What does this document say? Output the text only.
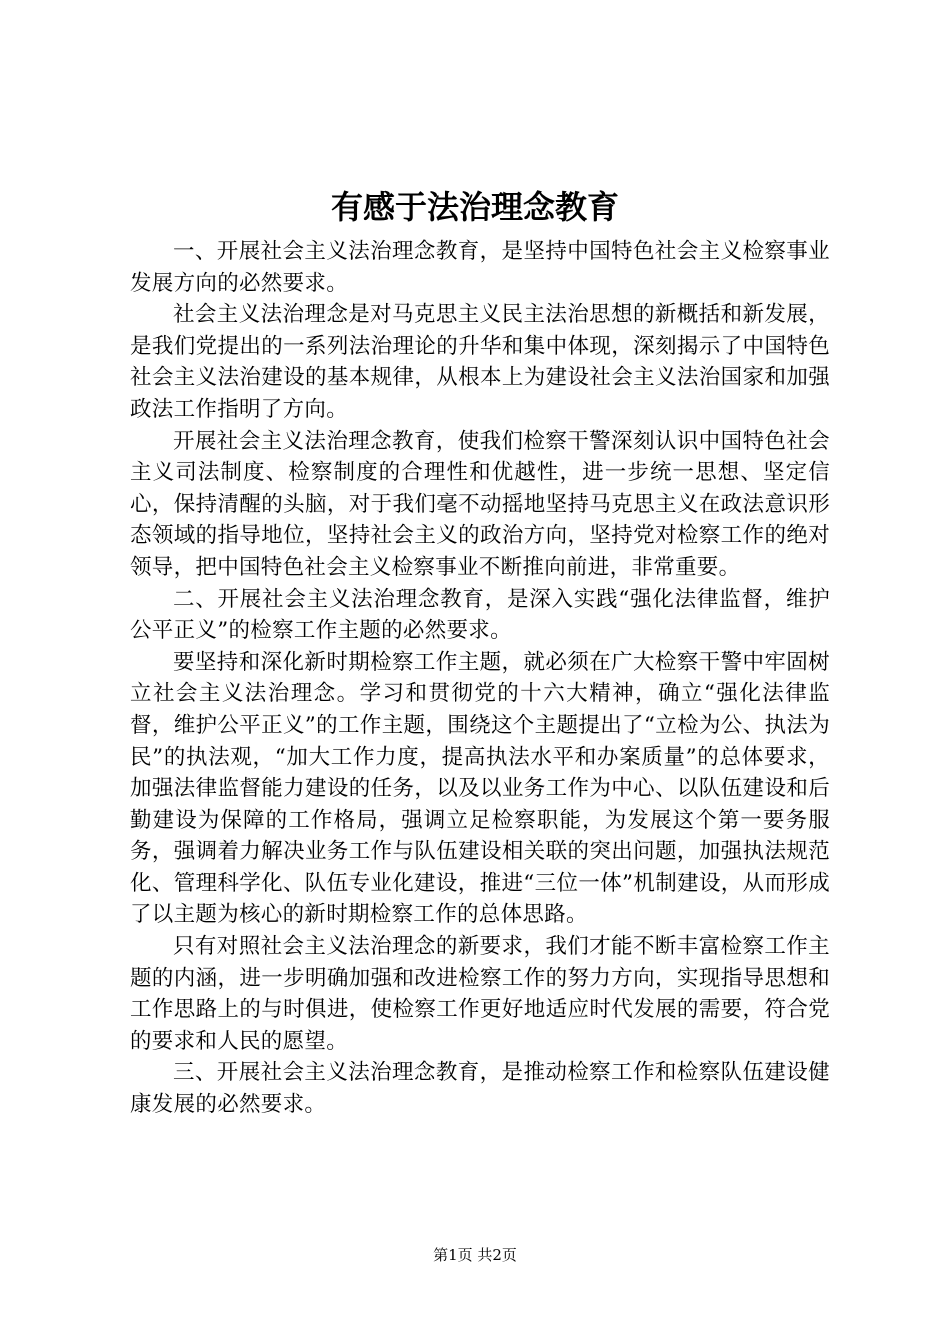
有感于法治理念教育

一、开展社会主义法治理念教育，是坚持中国特色社会主义检察事业发展方向的必然要求。

社会主义法治理念是对马克思主义民主法治思想的新概括和新发展，是我们党提出的一系列法治理论的升华和集中体现，深刻揭示了中国特色社会主义法治建设的基本规律，从根本上为建设社会主义法治国家和加强政法工作指明了方向。

开展社会主义法治理念教育，使我们检察干警深刻认识中国特色社会主义司法制度、检察制度的合理性和优越性，进一步统一思想、坚定信心，保持清醒的头脑，对于我们毫不动摇地坚持马克思主义在政法意识形态领域的指导地位，坚持社会主义的政治方向，坚持党对检察工作的绝对领导，把中国特色社会主义检察事业不断推向前进，非常重要。

二、开展社会主义法治理念教育，是深入实践“强化法律监督，维护公平正义”的检察工作主题的必然要求。

要坚持和深化新时期检察工作主题，就必须在广大检察干警中牢固树立社会主义法治理念。学习和贯彻党的十六大精神，确立“强化法律监督，维护公平正义”的工作主题，围绕这个主题提出了“立检为公、执法为民”的执法观，“加大工作力度，提高执法水平和办案质量”的总体要求，加强法律监督能力建设的任务，以及以业务工作为中心、以队伍建设和后勤建设为保障的工作格局，强调立足检察职能，为发展这个第一要务服务，强调着力解决业务工作与队伍建设相关联的突出问题，加强执法规范化、管理科学化、队伍专业化建设，推进“三位一体”机制建设，从而形成了以主题为核心的新时期检察工作的总体思路。

只有对照社会主义法治理念的新要求，我们才能不断丰富检察工作主题的内涵，进一步明确加强和改进检察工作的努力方向，实现指导思想和工作思路上的与时俱进，使检察工作更好地适应时代发展的需要，符合党的要求和人民的愿望。

三、开展社会主义法治理念教育，是推动检察工作和检察队伍建设健康发展的必然要求。

第1页 共2页
